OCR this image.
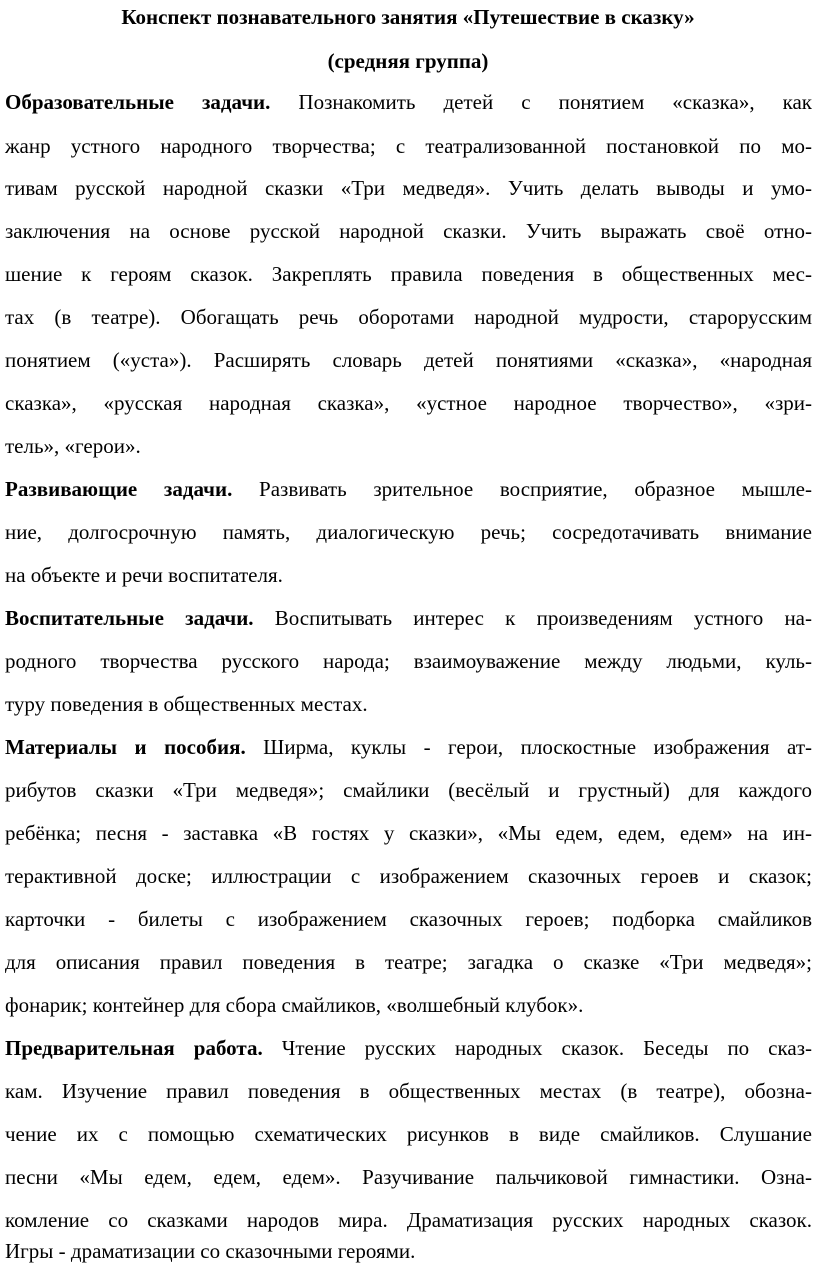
Конспект познавательного занятия «Путешествие в сказку»
(средняя группа)
Образовательные задачи. Познакомить детей с понятием «сказка», как
жанр устного народного творчества; с театрализованной постановкой по мо-
тивам русской народной сказки «Три медведя». Учить делать выводы и умо-
заключения на основе русской народной сказки. Учить выражать своё отно-
шение к героям сказок. Закреплять правила поведения в общественных мес-
тах (в театре). Обогащать речь оборотами народной мудрости, старорусским
понятием («уста»). Расширять словарь детей понятиями «сказка», «народная
сказка», «русская народная сказка», «устное народное творчество», «зри-
тель», «герои».
Развивающие задачи. Развивать зрительное восприятие, образное мышле-
ние, долгосрочную память, диалогическую речь; сосредотачивать внимание
на объекте и речи воспитателя.
Воспитательные задачи. Воспитывать интерес к произведениям устного на-
родного творчества русского народа; взаимоуважение между людьми, куль-
туру поведения в общественных местах.
Материалы и пособия. Ширма, куклы - герои, плоскостные изображения ат-
рибутов сказки «Три медведя»; смайлики (весёлый и грустный) для каждого
ребёнка; песня - заставка «В гостях у сказки», «Мы едем, едем, едем» на ин-
терактивной доске; иллюстрации с изображением сказочных героев и сказок;
карточки - билеты с изображением сказочных героев; подборка смайликов
для описания правил поведения в театре; загадка о сказке «Три медведя»;
фонарик; контейнер для сбора смайликов, «волшебный клубок».
Предварительная работа. Чтение русских народных сказок. Беседы по сказ-
кам. Изучение правил поведения в общественных местах (в театре), обозна-
чение их с помощью схематических рисунков в виде смайликов. Слушание
песни «Мы едем, едем, едем». Разучивание пальчиковой гимнастики. Озна-
комление со сказками народов мира. Драматизация русских народных сказок.
Игры - драматизации со сказочными героями.
